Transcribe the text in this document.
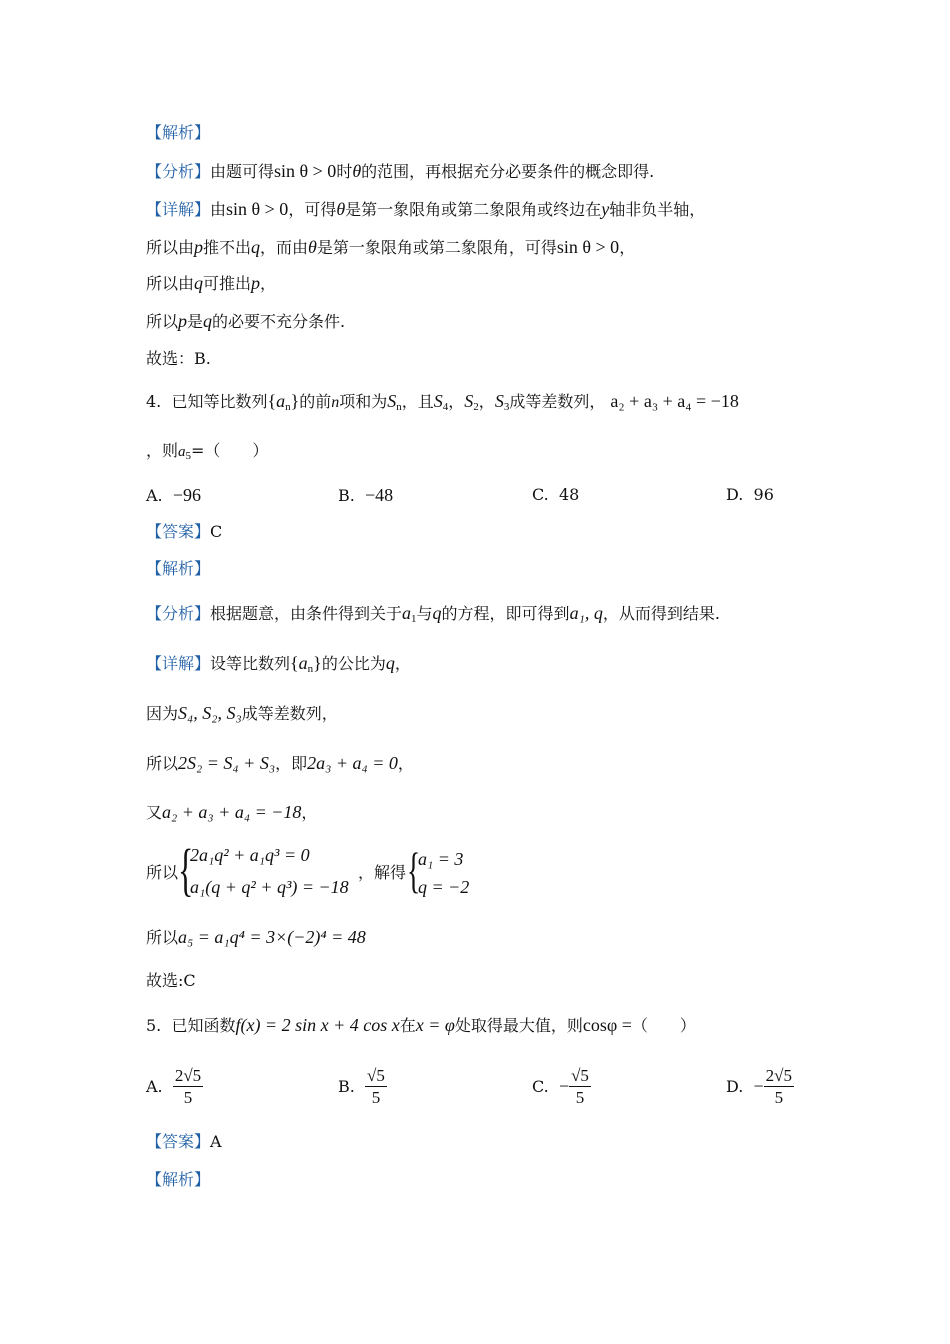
【解析】
【分析】由题可得sin θ > 0时θ的范围，再根据充分必要条件的概念即得.
【详解】由sin θ > 0，可得θ是第一象限角或第二象限角或终边在y轴非负半轴，
所以由p推不出q，而由θ是第一象限角或第二象限角，可得sin θ > 0，
所以由q可推出p，
所以p是q的必要不充分条件.
故选：B.
4. 已知等比数列$\{a_n\}$的前n项和为$S_n$，且$S_4$，$S_2$，$S_3$成等差数列， a₂ + a₃ + a₄ = −18
，则$a_5=$（　　）
A. −96	B. −48	C. 48	D. 96
【答案】C
【解析】
【分析】根据题意，由条件得到关于$a_1$与q的方程，即可得到a₁, q，从而得到结果.
【详解】设等比数列$\{a_n\}$的公比为q，
因为S₄, S₂, S₃成等差数列，
所以2S₂ = S₄ + S₃，即2a₃ + a₄ = 0，
又a₂ + a₃ + a₄ = −18，
所以 {
2a₁q² + a₁q³ = 0
a₁(q + q² + q³) = −18
，解得 {
a₁ = 3
q = −2
所以a₅ = a₁q⁴ = 3×(−2)⁴ = 48
故选:C
5. 已知函数f(x) = 2 sin x + 4 cos x在x = φ处取得最大值，则cosφ =（　　）
A. $\frac{2√5}{5}$	B. $\frac{√5}{5}$	C. − $\frac{√5}{5}$	D. − $\frac{2√5}{5}$
【答案】A
【解析】
